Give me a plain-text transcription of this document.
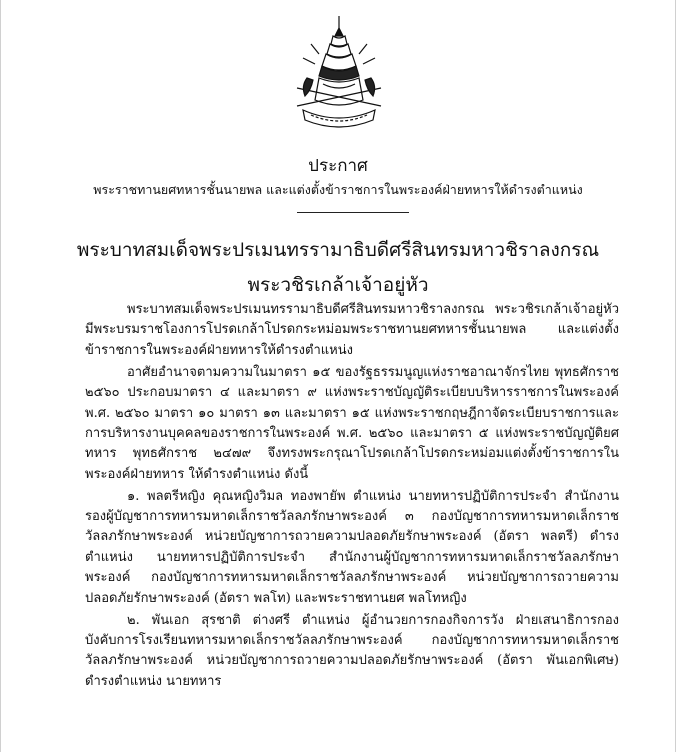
ประกาศ
พระราชทานยศทหารชั้นนายพล และแต่งตั้งข้าราชการในพระองค์ฝ่ายทหารให้ดำรงตำแหน่ง
พระบาทสมเด็จพระปรเมนทรรามาธิบดีศรีสินทรมหาวชิราลงกรณ
พระวชิรเกล้าเจ้าอยู่หัว

พระบาทสมเด็จพระปรเมนทรรามาธิบดีศรีสินทรมหาวชิราลงกรณ พระวชิรเกล้าเจ้าอยู่หัว มีพระบรมราชโองการโปรดเกล้าโปรดกระหม่อมพระราชทานยศทหารชั้นนายพล และแต่งตั้งข้าราชการในพระองค์ฝ่ายทหารให้ดำรงตำแหน่ง

อาศัยอำนาจตามความในมาตรา ๑๕ ของรัฐธรรมนูญแห่งราชอาณาจักรไทย พุทธศักราช ๒๕๖๐ ประกอบมาตรา ๔ และมาตรา ๙ แห่งพระราชบัญญัติระเบียบบริหารราชการในพระองค์ พ.ศ. ๒๕๖๐ มาตรา ๑๐ มาตรา ๑๓ และมาตรา ๑๕ แห่งพระราชกฤษฎีกาจัดระเบียบราชการและการบริหารงานบุคคลของราชการในพระองค์ พ.ศ. ๒๕๖๐ และมาตรา ๕ แห่งพระราชบัญญัติยศทหาร พุทธศักราช ๒๔๗๙ จึงทรงพระกรุณาโปรดเกล้าโปรดกระหม่อมแต่งตั้งข้าราชการในพระองค์ฝ่ายทหาร ให้ดำรงตำแหน่ง ดังนี้

๑. พลตรีหญิง คุณหญิงวิมล ทองพายัพ ตำแหน่ง นายทหารปฏิบัติการประจำ สำนักงานรองผู้บัญชาการทหารมหาดเล็กราชวัลลภรักษาพระองค์ ๓ กองบัญชาการทหารมหาดเล็กราชวัลลภรักษาพระองค์ หน่วยบัญชาการถวายความปลอดภัยรักษาพระองค์ (อัตรา พลตรี) ดำรงตำแหน่ง นายทหารปฏิบัติการประจำ สำนักงานผู้บัญชาการทหารมหาดเล็กราชวัลลภรักษาพระองค์ กองบัญชาการทหารมหาดเล็กราชวัลลภรักษาพระองค์ หน่วยบัญชาการถวายความปลอดภัยรักษาพระองค์ (อัตรา พลโท) และพระราชทานยศ พลโทหญิง

๒. พันเอก สุรชาติ ต่างศรี ตำแหน่ง ผู้อำนวยการกองกิจการวัง ฝ่ายเสนาธิการกองบังคับการโรงเรียนทหารมหาดเล็กราชวัลลภรักษาพระองค์ กองบัญชาการทหารมหาดเล็กราชวัลลภรักษาพระองค์ หน่วยบัญชาการถวายความปลอดภัยรักษาพระองค์ (อัตรา พันเอกพิเศษ) ดำรงตำแหน่ง นายทหาร
